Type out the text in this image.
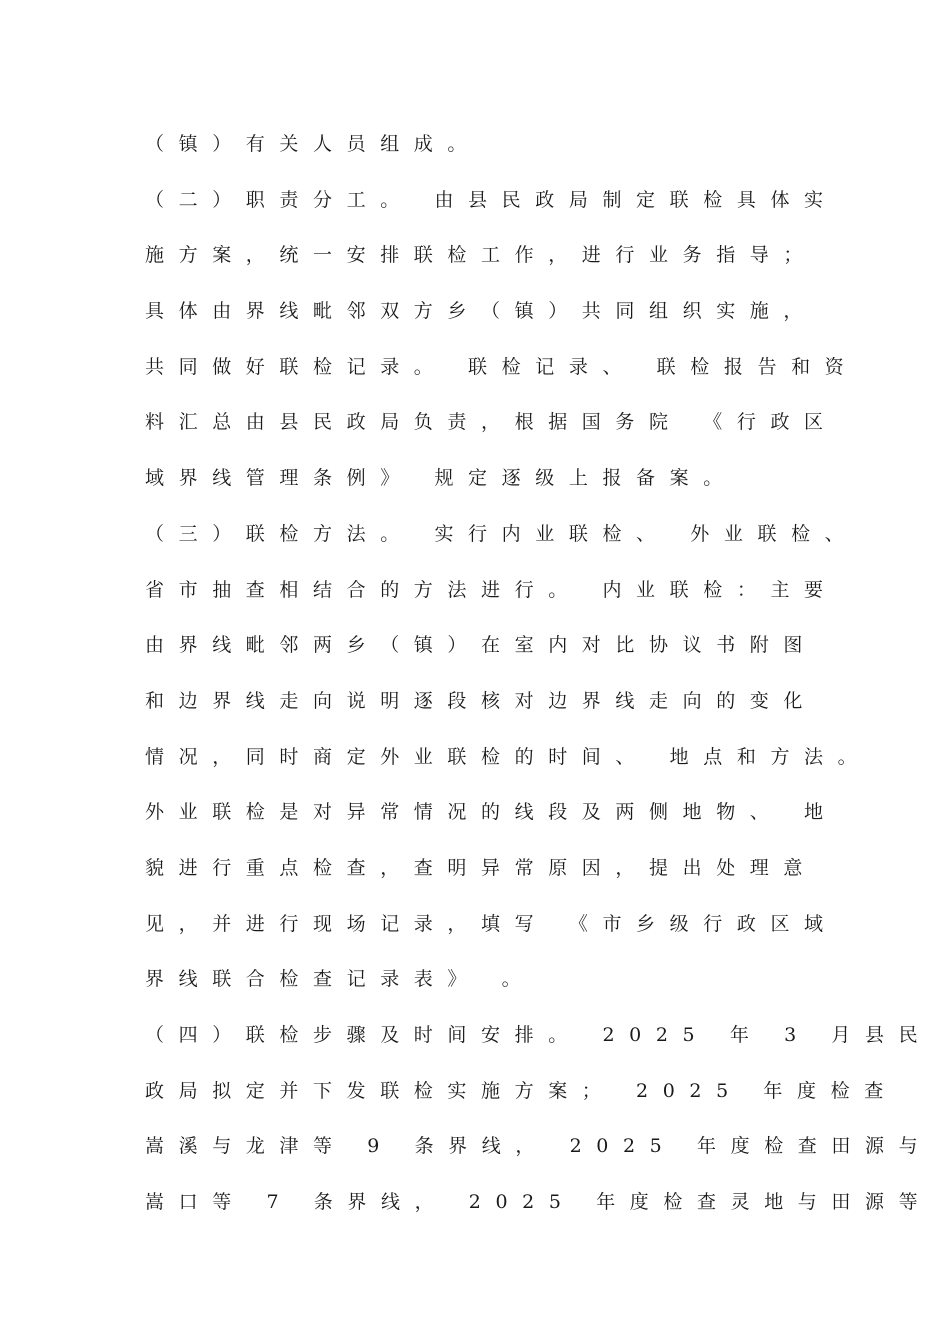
（镇）有关人员组成。
（二）职责分工。 由县民政局制定联检具体实
施方案，统一安排联检工作，进行业务指导；
具体由界线毗邻双方乡（镇）共同组织实施，
共同做好联检记录。 联检记录、 联检报告和资
料汇总由县民政局负责，根据国务院 《行政区
域界线管理条例》 规定逐级上报备案。
（三）联检方法。 实行内业联检、 外业联检、
省市抽查相结合的方法进行。 内业联检：主要
由界线毗邻两乡（镇）在室内对比协议书附图
和边界线走向说明逐段核对边界线走向的变化
情况，同时商定外业联检的时间、 地点和方法。
外业联检是对异常情况的线段及两侧地物、 地
貌进行重点检查，查明异常原因，提出处理意
见，并进行现场记录，填写 《市乡级行政区域
界线联合检查记录表》 。
（四）联检步骤及时间安排。 2025 年 3 月县民
政局拟定并下发联检实施方案； 2025 年度检查
嵩溪与龙津等 9 条界线， 2025 年度检查田源与
嵩口等 7 条界线， 2025 年度检查灵地与田源等
